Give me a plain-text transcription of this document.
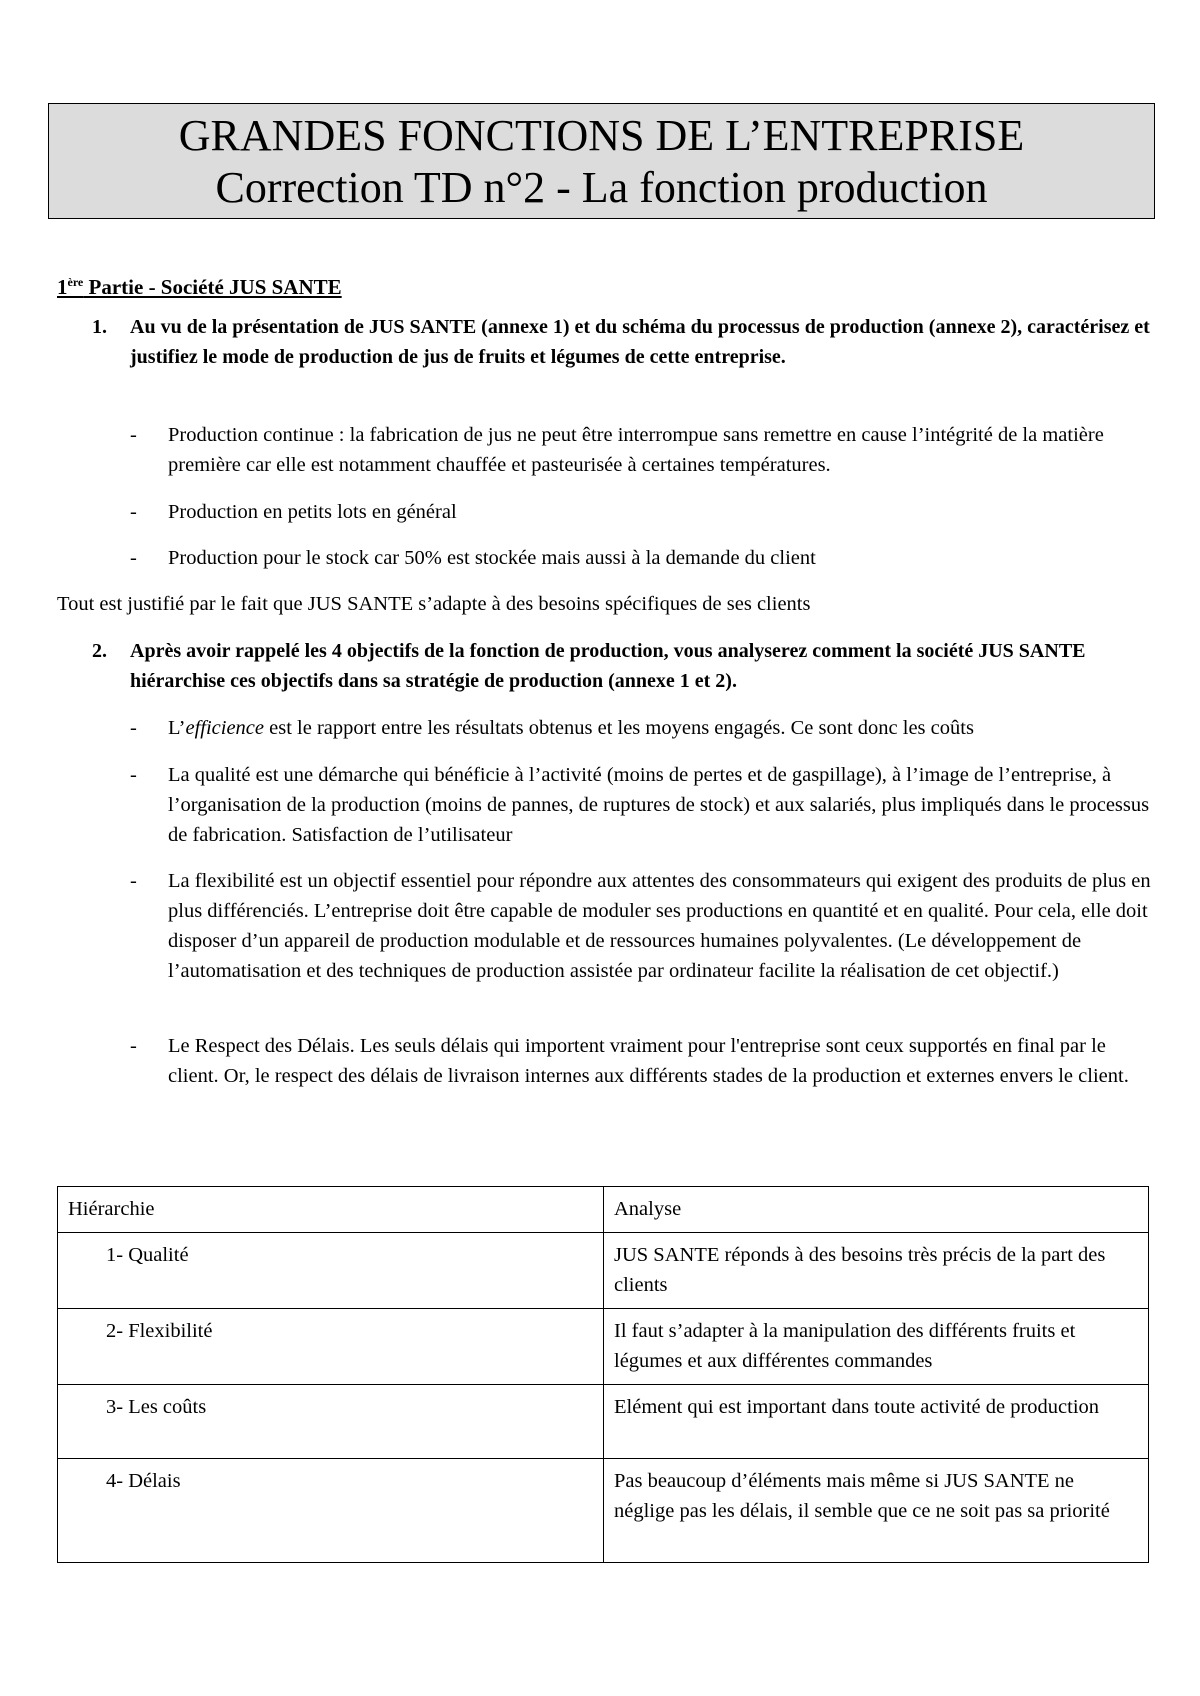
GRANDES FONCTIONS DE L’ENTREPRISE
Correction TD n°2 - La fonction production
1ère Partie - Société JUS SANTE
1. Au vu de la présentation de JUS SANTE (annexe 1) et du schéma du processus de production (annexe 2), caractérisez et justifiez le mode de production de jus de fruits et légumes de cette entreprise.
- Production continue : la fabrication de jus ne peut être interrompue sans remettre en cause l’intégrité de la matière première car elle est notamment chauffée et pasteurisée à certaines températures.
- Production en petits lots en général
- Production pour le stock car 50% est stockée mais aussi à la demande du client
Tout est justifié par le fait que JUS SANTE s’adapte à des besoins spécifiques de ses clients
2. Après avoir rappelé les 4 objectifs de la fonction de production, vous analyserez comment la société JUS SANTE hiérarchise ces objectifs dans sa stratégie de production (annexe 1 et 2).
- L’efficience est le rapport entre les résultats obtenus et les moyens engagés. Ce sont donc les coûts
- La qualité est une démarche qui bénéficie à l’activité (moins de pertes et de gaspillage), à l’image de l’entreprise, à l’organisation de la production (moins de pannes, de ruptures de stock) et aux salariés, plus impliqués dans le processus de fabrication. Satisfaction de l’utilisateur
- La flexibilité est un objectif essentiel pour répondre aux attentes des consommateurs qui exigent des produits de plus en plus différenciés. L’entreprise doit être capable de moduler ses productions en quantité et en qualité. Pour cela, elle doit disposer d’un appareil de production modulable et de ressources humaines polyvalentes. (Le développement de l’automatisation et des techniques de production assistée par ordinateur facilite la réalisation de cet objectif.)
- Le Respect des Délais. Les seuls délais qui importent vraiment pour l'entreprise sont ceux supportés en final par le client. Or, le respect des délais de livraison internes aux différents stades de la production et externes envers le client.
Hiérarchie	Analyse
1- Qualité	JUS SANTE réponds à des besoins très précis de la part des clients
2- Flexibilité	Il faut s’adapter à la manipulation des différents fruits et légumes et aux différentes commandes
3- Les coûts	Elément qui est important dans toute activité de production
4- Délais	Pas beaucoup d’éléments mais même si JUS SANTE ne néglige pas les délais, il semble que ce ne soit pas sa priorité
